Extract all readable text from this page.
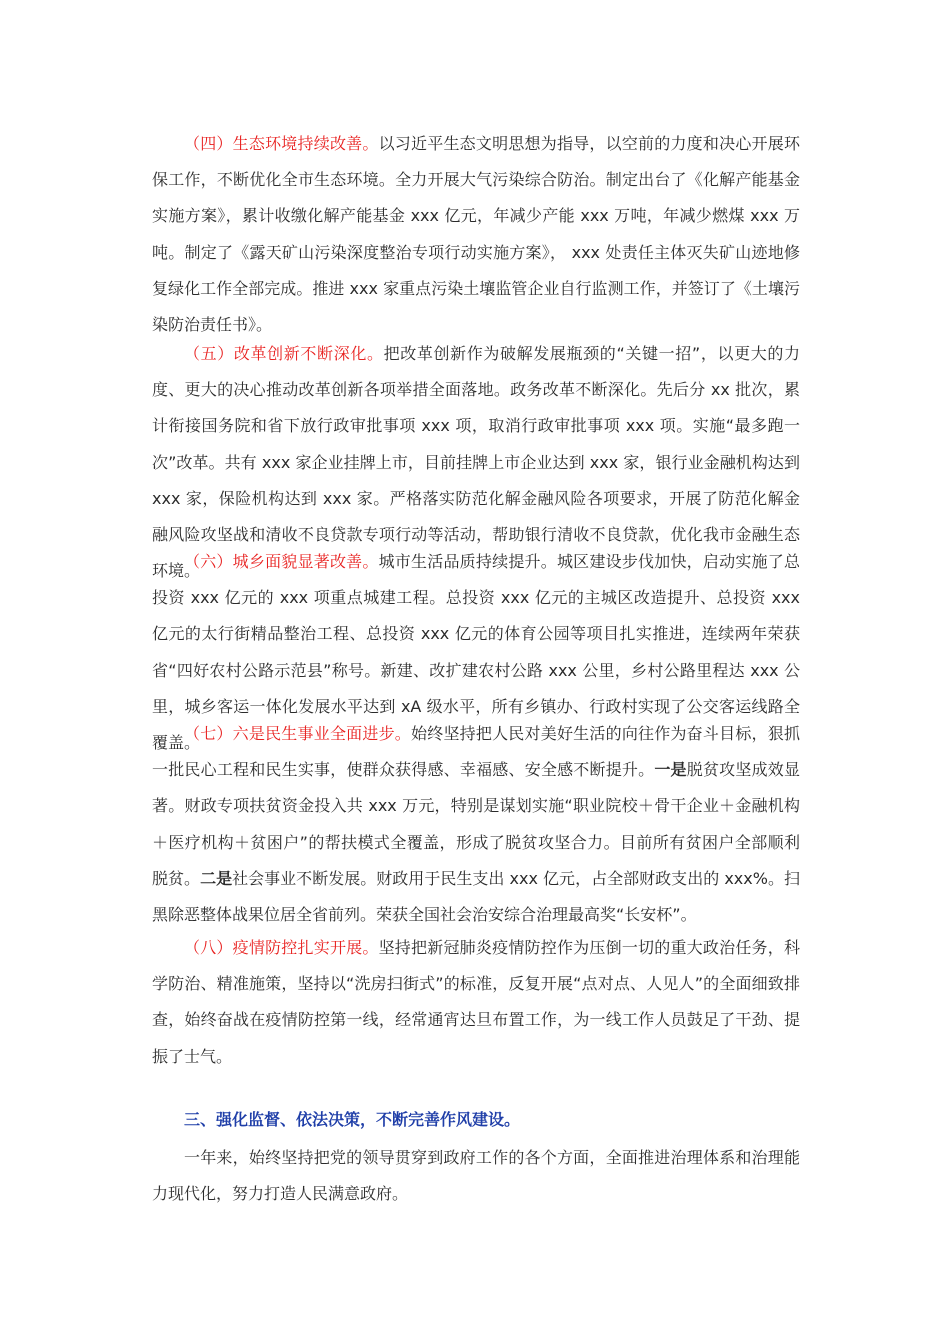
（四）生态环境持续改善。以习近平生态文明思想为指导，以空前的力度和决心开展环保工作，不断优化全市生态环境。全力开展大气污染综合防治。制定出台了《化解产能基金实施方案》，累计收缴化解产能基金 xxx 亿元，年减少产能 xxx 万吨，年减少燃煤 xxx 万吨。制定了《露天矿山污染深度整治专项行动实施方案》， xxx 处责任主体灭失矿山迹地修复绿化工作全部完成。推进 xxx 家重点污染土壤监管企业自行监测工作，并签订了《土壤污染防治责任书》。

（五）改革创新不断深化。把改革创新作为破解发展瓶颈的“关键一招”，以更大的力度、更大的决心推动改革创新各项举措全面落地。政务改革不断深化。先后分 xx 批次，累计衔接国务院和省下放行政审批事项 xxx 项，取消行政审批事项 xxx 项。实施“最多跑一次”改革。共有 xxx 家企业挂牌上市，目前挂牌上市企业达到 xxx 家，银行业金融机构达到 xxx 家，保险机构达到 xxx 家。严格落实防范化解金融风险各项要求，开展了防范化解金融风险攻坚战和清收不良贷款专项行动等活动，帮助银行清收不良贷款，优化我市金融生态环境。

（六）城乡面貌显著改善。城市生活品质持续提升。城区建设步伐加快，启动实施了总投资 xxx 亿元的 xxx 项重点城建工程。总投资 xxx 亿元的主城区改造提升、总投资 xxx 亿元的太行街精品整治工程、总投资 xxx 亿元的体育公园等项目扎实推进，连续两年荣获省“四好农村公路示范县”称号。新建、改扩建农村公路 xxx 公里，乡村公路里程达 xxx 公里，城乡客运一体化发展水平达到 xA 级水平，所有乡镇办、行政村实现了公交客运线路全覆盖。

（七）六是民生事业全面进步。始终坚持把人民对美好生活的向往作为奋斗目标，狠抓一批民心工程和民生实事，使群众获得感、幸福感、安全感不断提升。一是脱贫攻坚成效显著。财政专项扶贫资金投入共 xxx 万元，特别是谋划实施“职业院校＋骨干企业＋金融机构＋医疗机构＋贫困户”的帮扶模式全覆盖，形成了脱贫攻坚合力。目前所有贫困户全部顺利脱贫。二是社会事业不断发展。财政用于民生支出 xxx 亿元，占全部财政支出的 xxx%。扫黑除恶整体战果位居全省前列。荣获全国社会治安综合治理最高奖“长安杯”。

（八）疫情防控扎实开展。坚持把新冠肺炎疫情防控作为压倒一切的重大政治任务，科学防治、精准施策，坚持以“洗房扫街式”的标准，反复开展“点对点、人见人”的全面细致排查，始终奋战在疫情防控第一线，经常通宵达旦布置工作，为一线工作人员鼓足了干劲、提振了士气。

三、强化监督、依法决策，不断完善作风建设。

一年来，始终坚持把党的领导贯穿到政府工作的各个方面，全面推进治理体系和治理能力现代化，努力打造人民满意政府。
